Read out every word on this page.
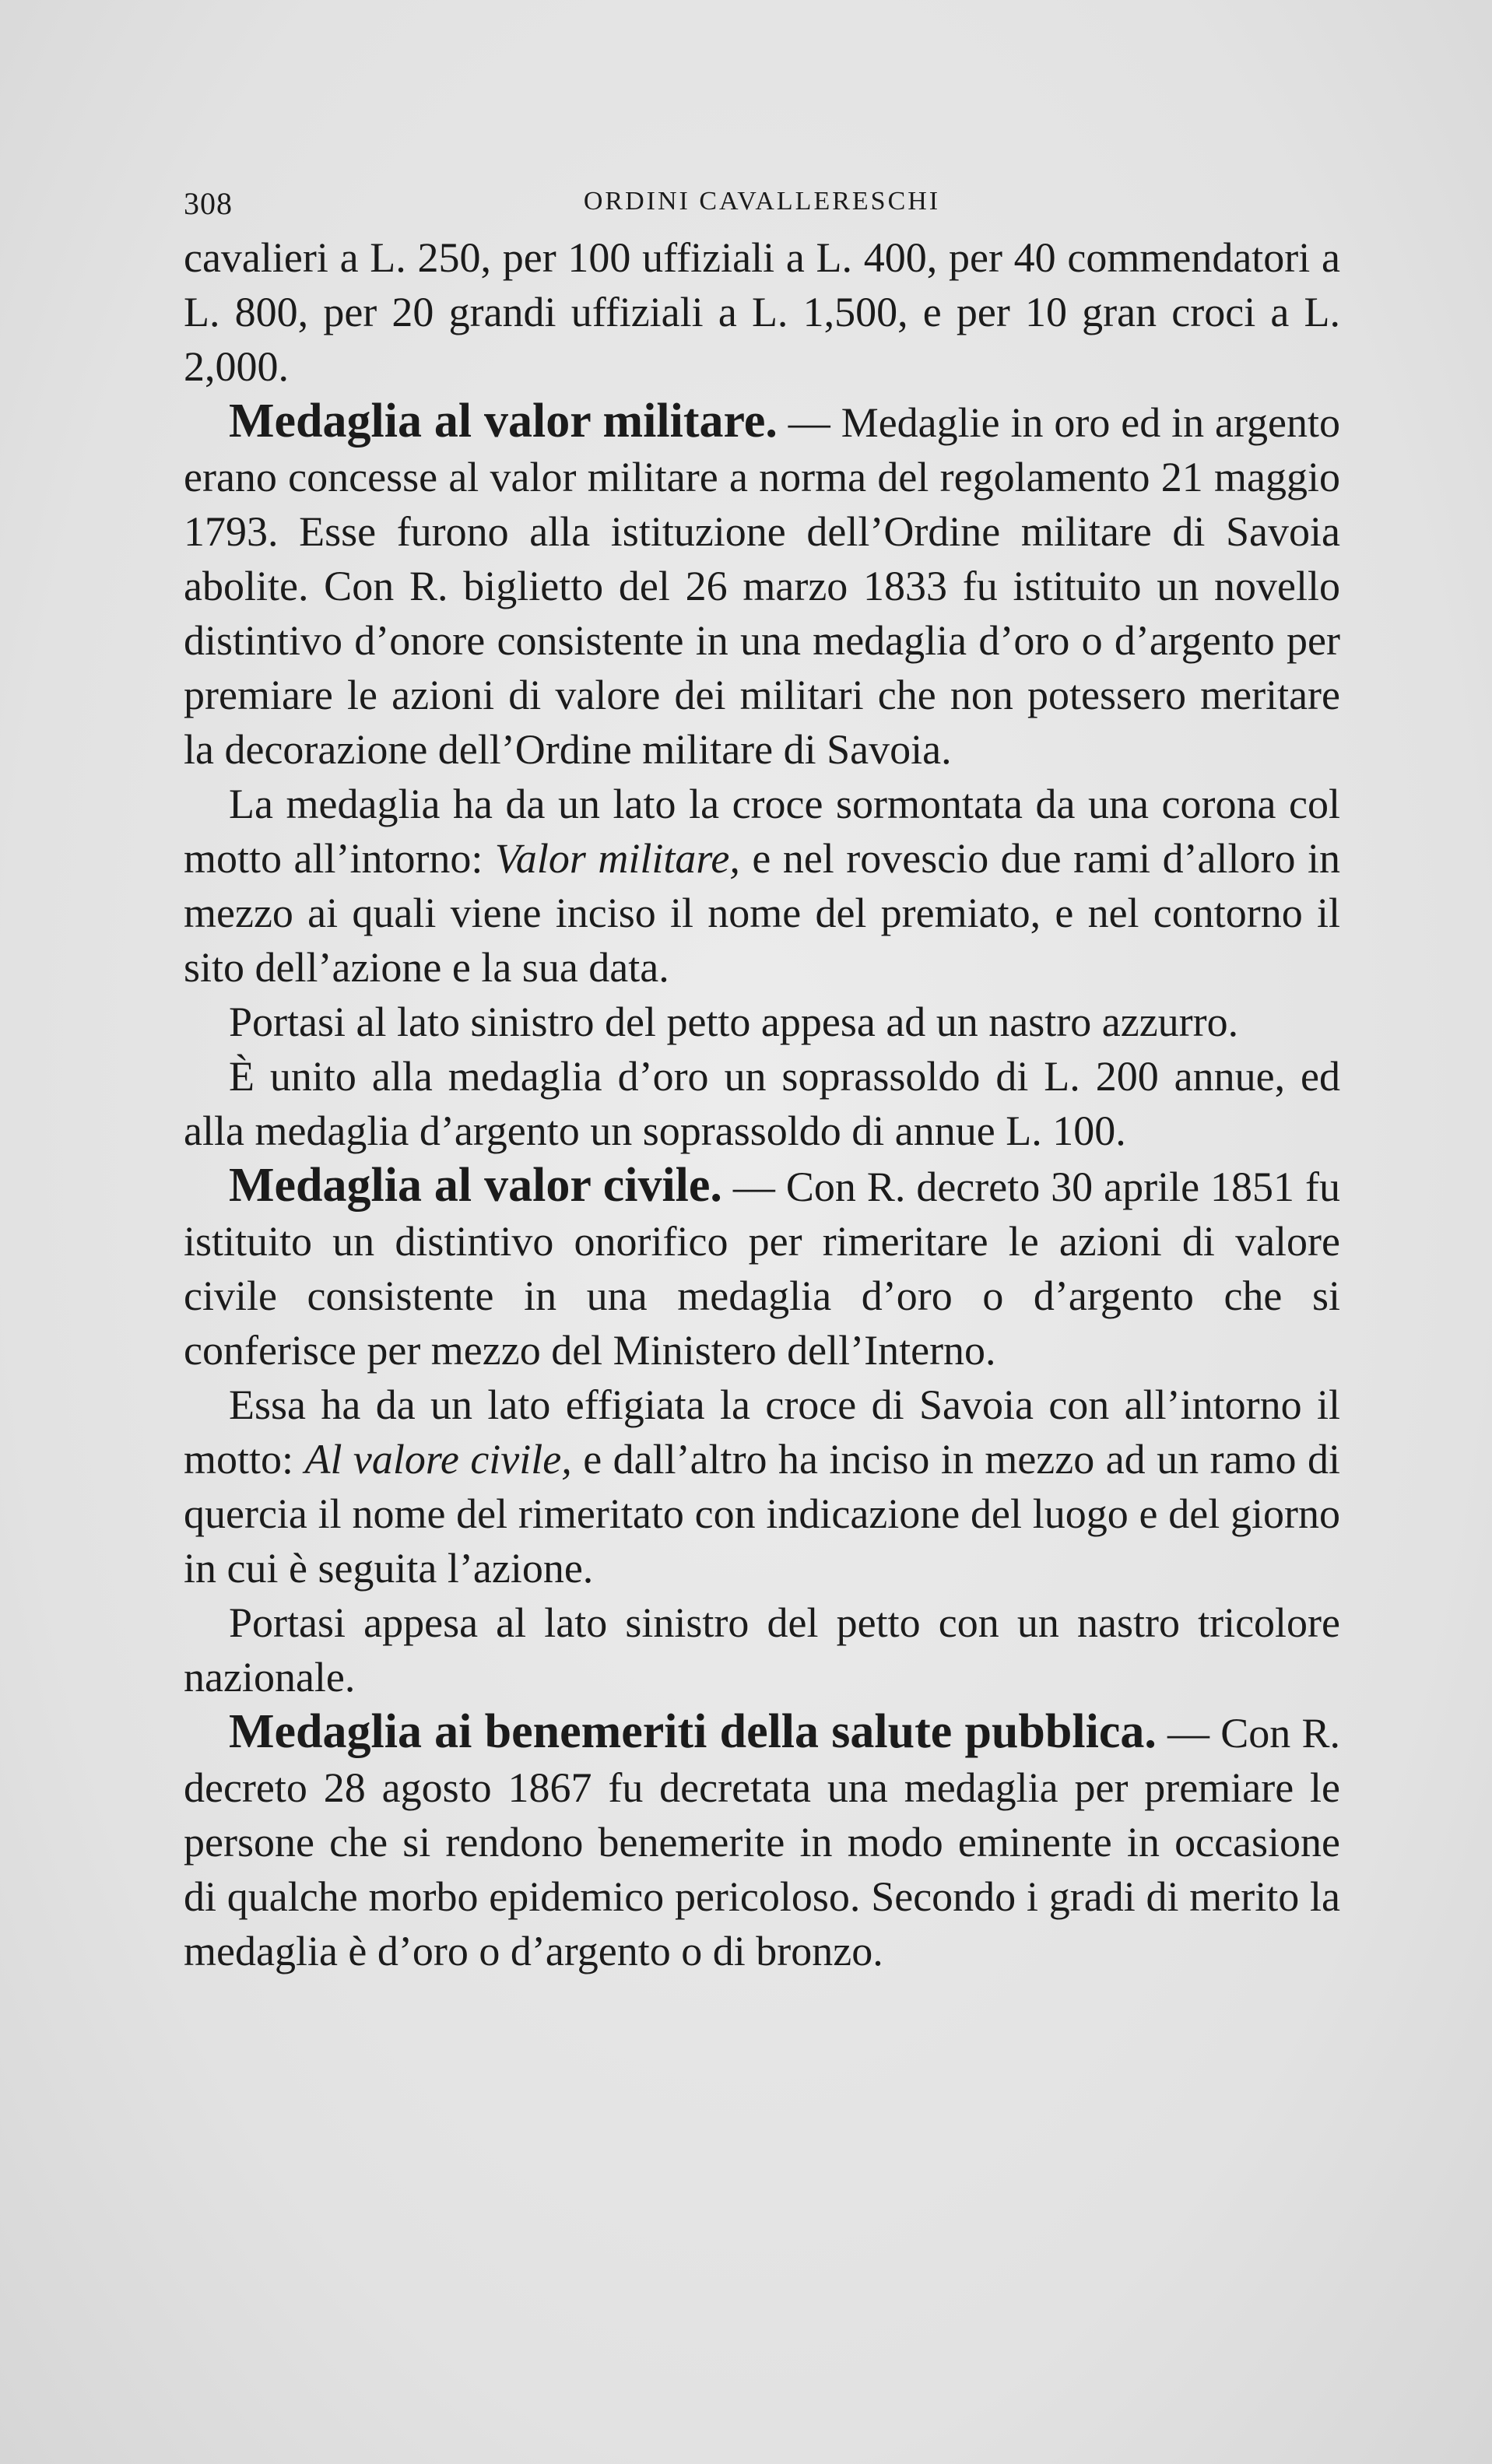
308	ORDINI CAVALLERESCHI

cavalieri a L. 250, per 100 uffiziali a L. 400, per 40 commendatori a L. 800, per 20 grandi uffiziali a L. 1,500, e per 10 gran croci a L. 2,000.

Medaglia al valor militare. — Medaglie in oro ed in argento erano concesse al valor militare a norma del regolamento 21 maggio 1793. Esse furono alla istituzione dell’Ordine militare di Savoia abolite. Con R. biglietto del 26 marzo 1833 fu istituito un novello distintivo d’onore consistente in una medaglia d’oro o d’argento per premiare le azioni di valore dei militari che non potessero meritare la decorazione dell’Ordine militare di Savoia.

La medaglia ha da un lato la croce sormontata da una corona col motto all’intorno: Valor militare, e nel rovescio due rami d’alloro in mezzo ai quali viene inciso il nome del premiato, e nel contorno il sito dell’azione e la sua data.

Portasi al lato sinistro del petto appesa ad un nastro azzurro.

È unito alla medaglia d’oro un soprassoldo di L. 200 annue, ed alla medaglia d’argento un soprassoldo di annue L. 100.

Medaglia al valor civile. — Con R. decreto 30 aprile 1851 fu istituito un distintivo onorifico per rimeritare le azioni di valore civile consistente in una medaglia d’oro o d’argento che si conferisce per mezzo del Ministero dell’Interno.

Essa ha da un lato effigiata la croce di Savoia con all’intorno il motto: Al valore civile, e dall’altro ha inciso in mezzo ad un ramo di quercia il nome del rimeritato con indicazione del luogo e del giorno in cui è seguita l’azione.

Portasi appesa al lato sinistro del petto con un nastro tricolore nazionale.

Medaglia ai benemeriti della salute pubblica. — Con R. decreto 28 agosto 1867 fu decretata una medaglia per premiare le persone che si rendono benemerite in modo eminente in occasione di qualche morbo epidemico pericoloso. Secondo i gradi di merito la medaglia è d’oro o d’argento o di bronzo.
